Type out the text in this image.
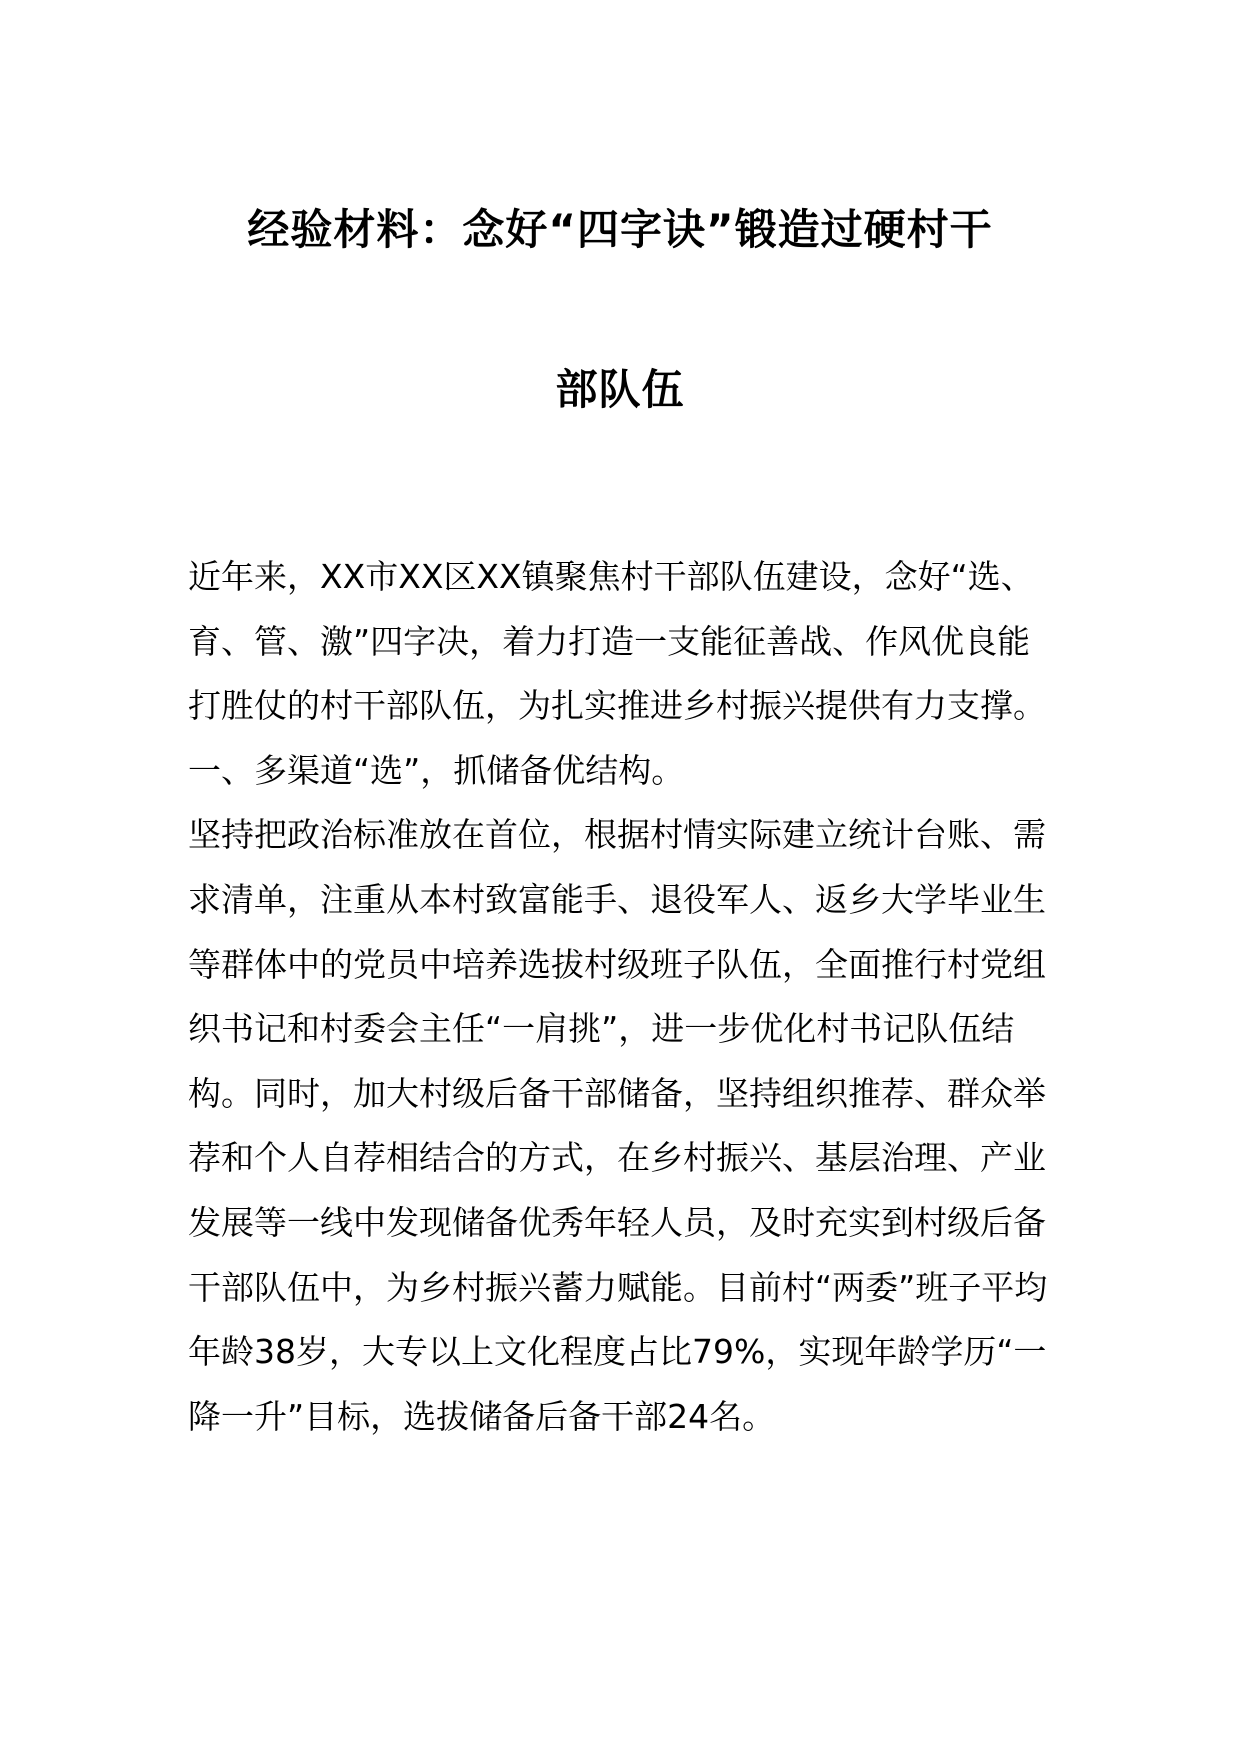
经验材料：念好“四字诀”锻造过硬村干
部队伍

近年来，XX市XX区XX镇聚焦村干部队伍建设，念好“选、育、管、激”四字决，着力打造一支能征善战、作风优良能打胜仗的村干部队伍，为扎实推进乡村振兴提供有力支撑。

一、多渠道“选”，抓储备优结构。

坚持把政治标准放在首位，根据村情实际建立统计台账、需求清单，注重从本村致富能手、退役军人、返乡大学毕业生等群体中的党员中培养选拔村级班子队伍，全面推行村党组织书记和村委会主任“一肩挑”，进一步优化村书记队伍结构。同时，加大村级后备干部储备，坚持组织推荐、群众举荐和个人自荐相结合的方式，在乡村振兴、基层治理、产业发展等一线中发现储备优秀年轻人员，及时充实到村级后备干部队伍中，为乡村振兴蓄力赋能。目前村“两委”班子平均年龄38岁，大专以上文化程度占比79%，实现年龄学历“一降一升”目标，选拔储备后备干部24名。
